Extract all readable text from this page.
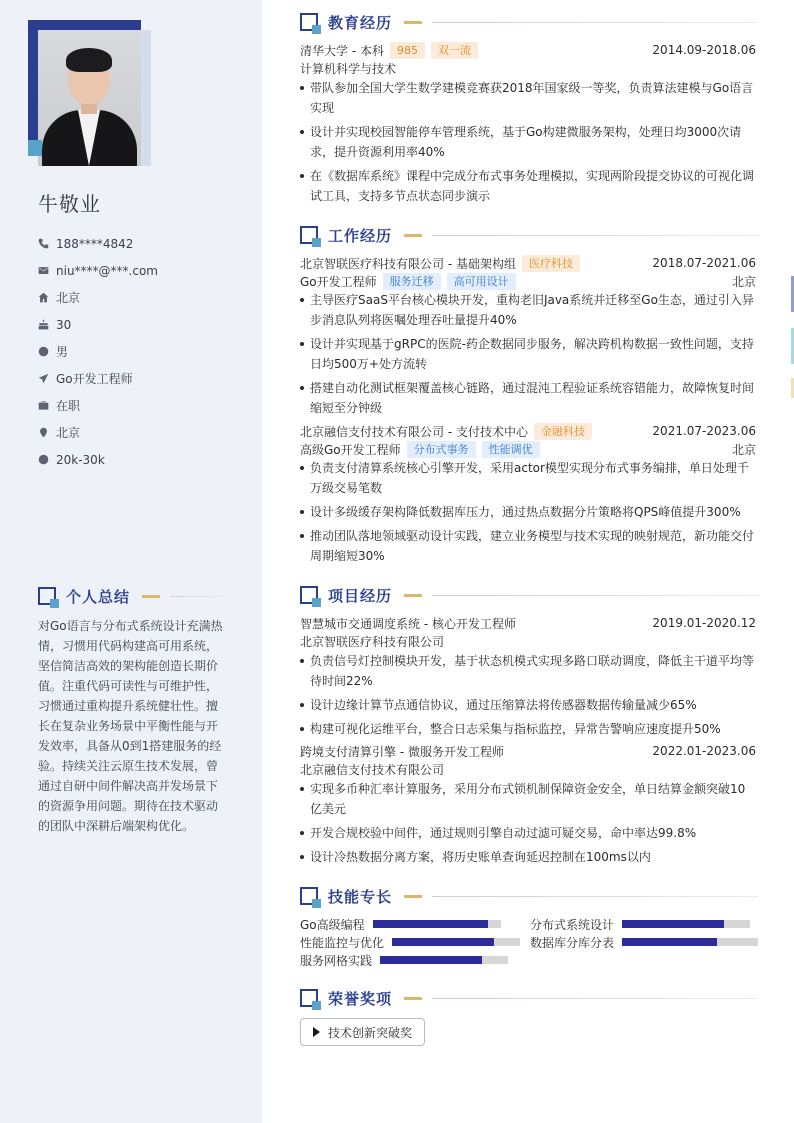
牛敬业
188****4842
niu****@***.com
北京
30
男
Go开发工程师
在职
北京
20k-30k
个人总结
对Go语言与分布式系统设计充满热情，习惯用代码构建高可用系统，坚信简洁高效的架构能创造长期价值。注重代码可读性与可维护性，习惯通过重构提升系统健壮性。擅长在复杂业务场景中平衡性能与开发效率，具备从0到1搭建服务的经验。持续关注云原生技术发展，曾通过自研中间件解决高并发场景下的资源争用问题。期待在技术驱动的团队中深耕后端架构优化。
教育经历
清华大学 - 本科	985	双一流	2014.09-2018.06
计算机科学与技术
带队参加全国大学生数学建模竞赛获2018年国家级一等奖，负责算法建模与Go语言实现
设计并实现校园智能停车管理系统，基于Go构建微服务架构，处理日均3000次请求，提升资源利用率40%
在《数据库系统》课程中完成分布式事务处理模拟，实现两阶段提交协议的可视化调试工具，支持多节点状态同步演示
工作经历
北京智联医疗科技有限公司 - 基础架构组	医疗科技	2018.07-2021.06
Go开发工程师	服务迁移	高可用设计	北京
主导医疗SaaS平台核心模块开发，重构老旧Java系统并迁移至Go生态，通过引入异步消息队列将医嘱处理吞吐量提升40%
设计并实现基于gRPC的医院-药企数据同步服务，解决跨机构数据一致性问题，支持日均500万+处方流转
搭建自动化测试框架覆盖核心链路，通过混沌工程验证系统容错能力，故障恢复时间缩短至分钟级
北京融信支付技术有限公司 - 支付技术中心	金融科技	2021.07-2023.06
高级Go开发工程师	分布式事务	性能调优	北京
负责支付清算系统核心引擎开发，采用actor模型实现分布式事务编排，单日处理千万级交易笔数
设计多级缓存架构降低数据库压力，通过热点数据分片策略将QPS峰值提升300%
推动团队落地领域驱动设计实践，建立业务模型与技术实现的映射规范，新功能交付周期缩短30%
项目经历
智慧城市交通调度系统 - 核心开发工程师	2019.01-2020.12
北京智联医疗科技有限公司
负责信号灯控制模块开发，基于状态机模式实现多路口联动调度，降低主干道平均等待时间22%
设计边缘计算节点通信协议，通过压缩算法将传感器数据传输量减少65%
构建可视化运维平台，整合日志采集与指标监控，异常告警响应速度提升50%
跨境支付清算引擎 - 微服务开发工程师	2022.01-2023.06
北京融信支付技术有限公司
实现多币种汇率计算服务，采用分布式锁机制保障资金安全，单日结算金额突破10亿美元
开发合规校验中间件，通过规则引擎自动过滤可疑交易，命中率达99.8%
设计冷热数据分离方案，将历史账单查询延迟控制在100ms以内
技能专长
Go高级编程	分布式系统设计
性能监控与优化	数据库分库分表
服务网格实践
荣誉奖项
技术创新突破奖
